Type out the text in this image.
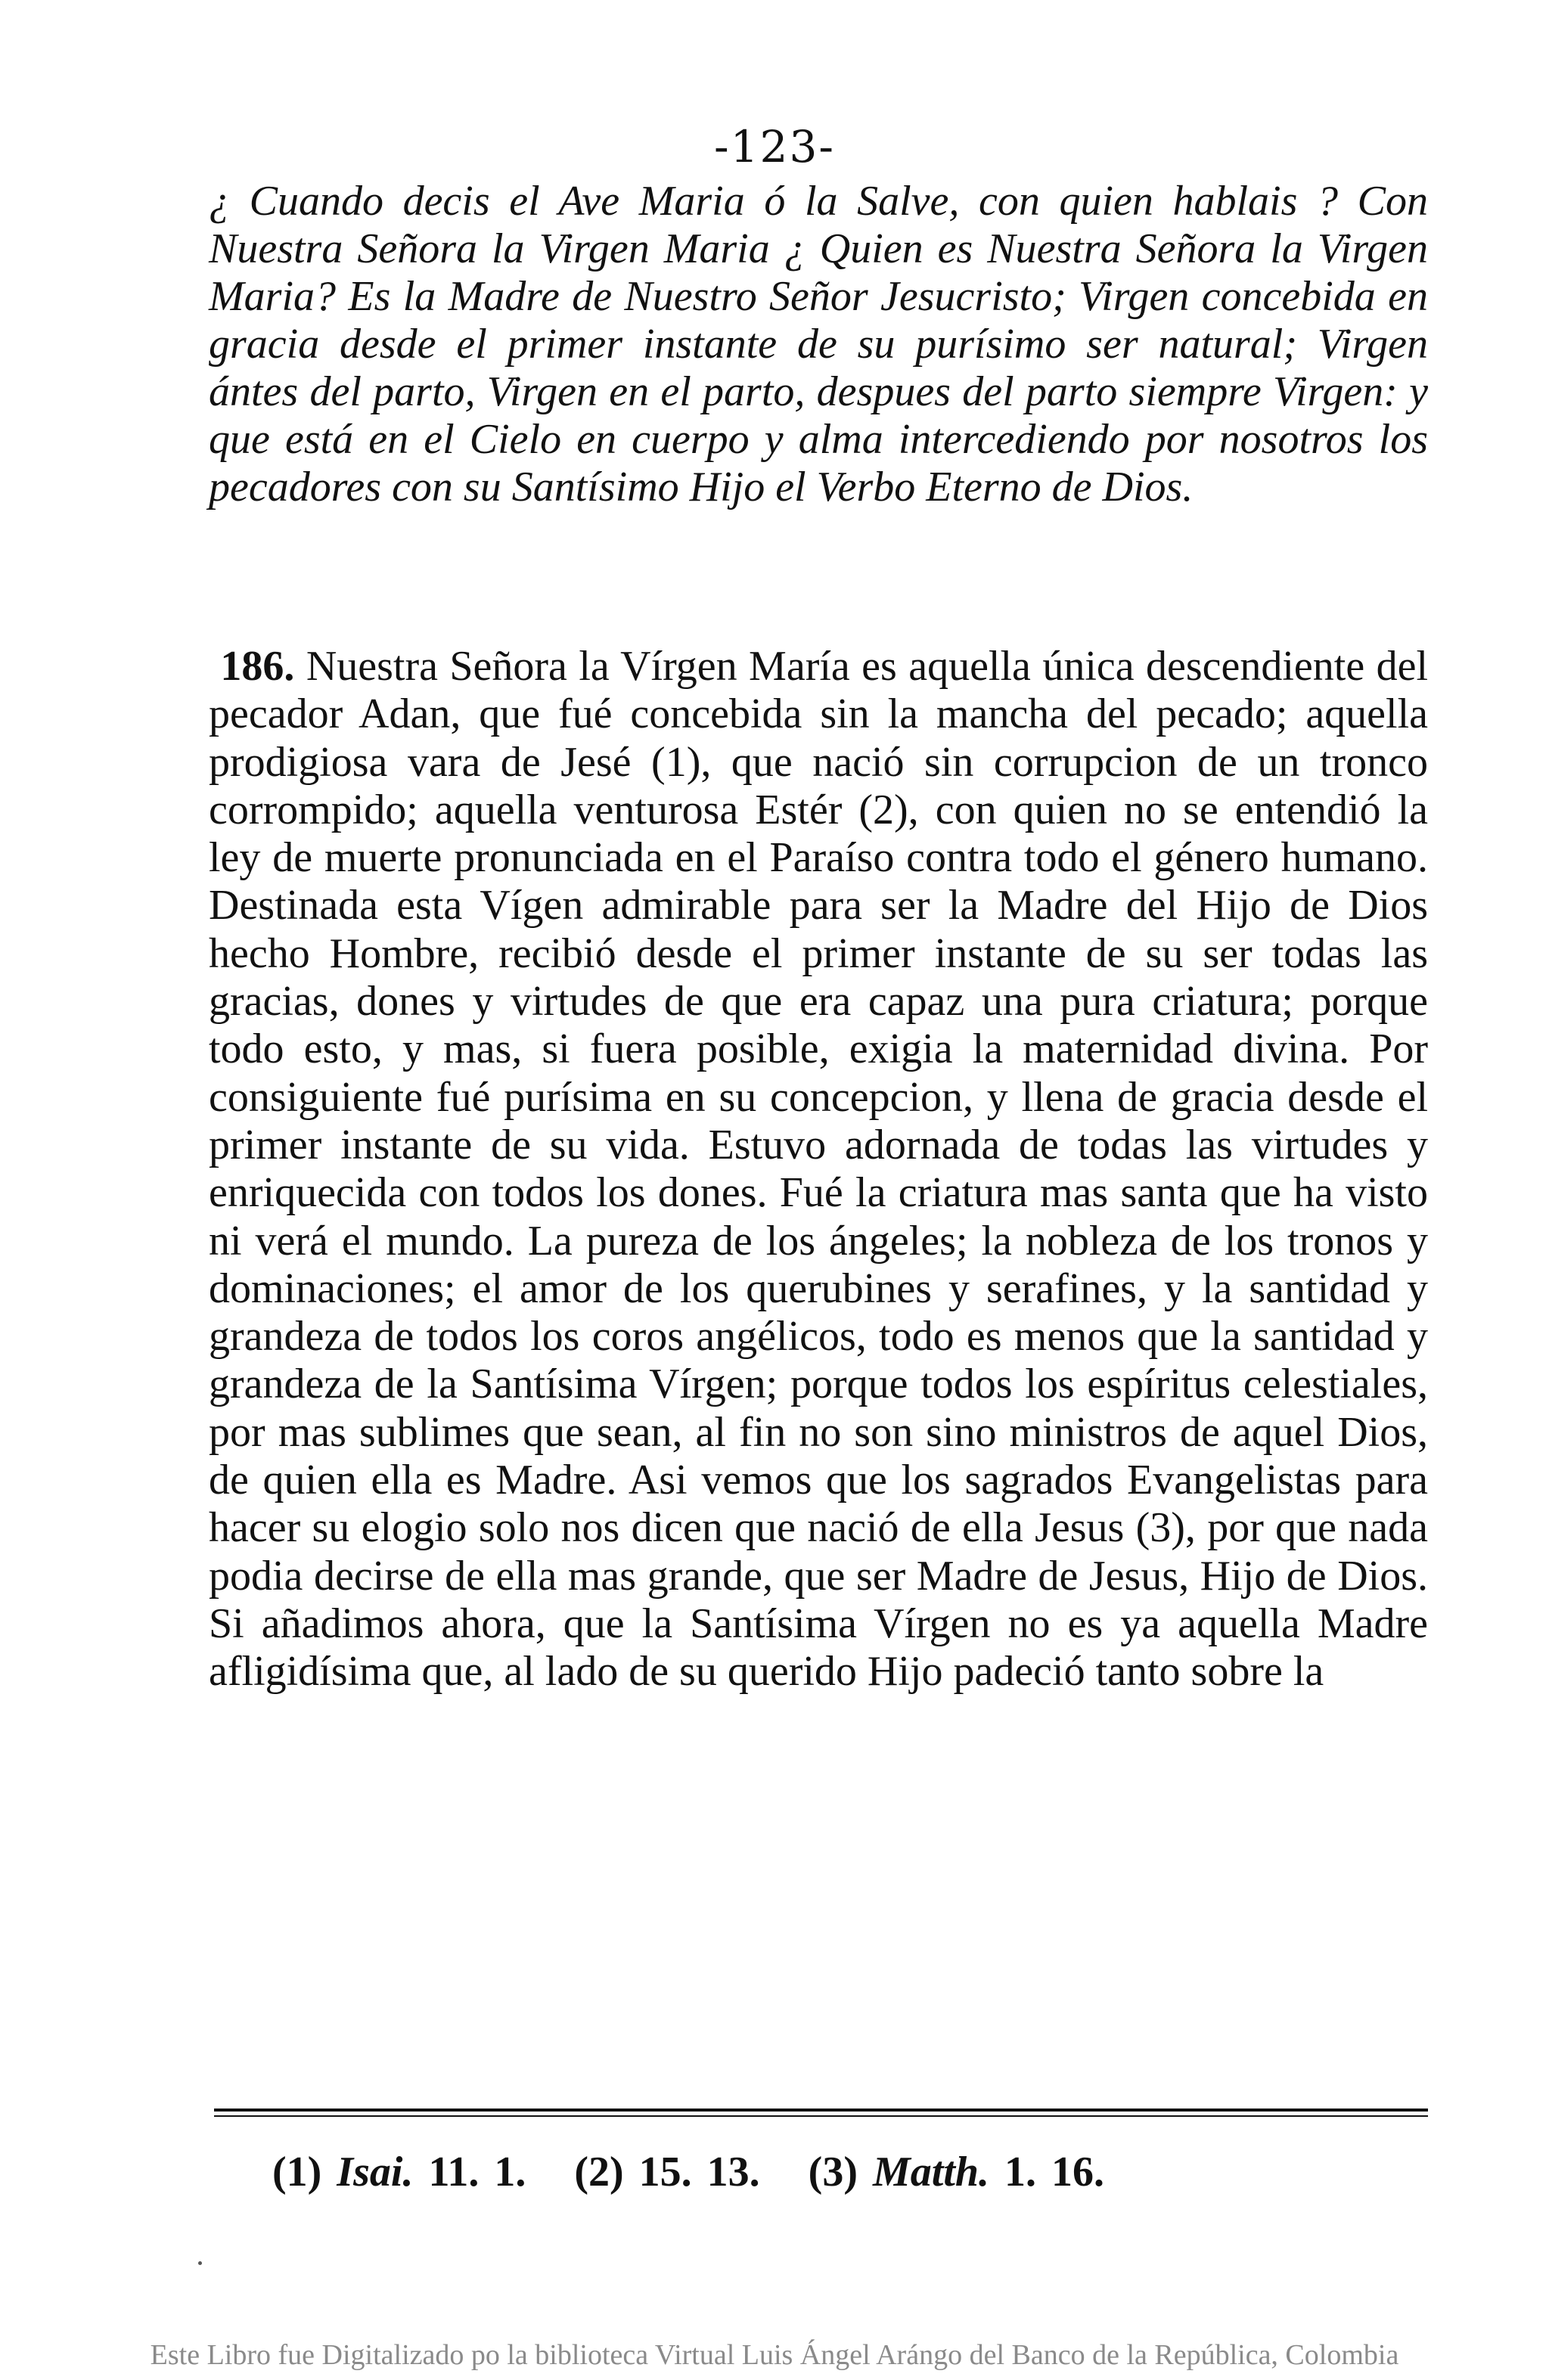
-123-
¿ Cuando decis el Ave Maria ó la Salve, con quien hablais ? Con Nuestra Señora la Virgen Maria ¿ Quien es Nuestra Señora la Virgen Maria? Es la Madre de Nuestro Señor Jesucristo; Virgen concebida en gracia desde el primer instante de su purísimo ser natural; Virgen ántes del parto, Virgen en el parto, despues del parto siempre Virgen: y que está en el Cielo en cuerpo y alma intercediendo por nosotros los pecadores con su Santísimo Hijo el Verbo Eterno de Dios.
186. Nuestra Señora la Vírgen María es aquella única descendiente del pecador Adan, que fué concebida sin la mancha del pecado; aquella prodigiosa vara de Jesé (1), que nació sin corrupcion de un tronco corrompido; aquella venturosa Estér (2), con quien no se entendió la ley de muerte pronunciada en el Paraíso contra todo el género humano. Destinada esta Vígen admirable para ser la Madre del Hijo de Dios hecho Hombre, recibió desde el primer instante de su ser todas las gracias, dones y virtudes de que era capaz una pura criatura; porque todo esto, y mas, si fuera posible, exigia la maternidad divina. Por consiguiente fué purísima en su concepcion, y llena de gracia desde el primer instante de su vida. Estuvo adornada de todas las virtudes y enriquecida con todos los dones. Fué la criatura mas santa que ha visto ni verá el mundo. La pureza de los ángeles; la nobleza de los tronos y dominaciones; el amor de los querubines y serafines, y la santidad y grandeza de todos los coros angélicos, todo es menos que la santidad y grandeza de la Santísima Vírgen; porque todos los espíritus celestiales, por mas sublimes que sean, al fin no son sino ministros de aquel Dios, de quien ella es Madre. Asi vemos que los sagrados Evangelistas para hacer su elogio solo nos dicen que nació de ella Jesus (3), por que nada podia decirse de ella mas grande, que ser Madre de Jesus, Hijo de Dios. Si añadimos ahora, que la Santísima Vírgen no es ya aquella Madre afligidísima que, al lado de su querido Hijo padeció tanto sobre la
(1) Isai. 11. 1. (2) 15. 13. (3) Matth. 1. 16.
Este Libro fue Digitalizado po la biblioteca Virtual Luis Ángel Arángo del Banco de la República, Colombia
